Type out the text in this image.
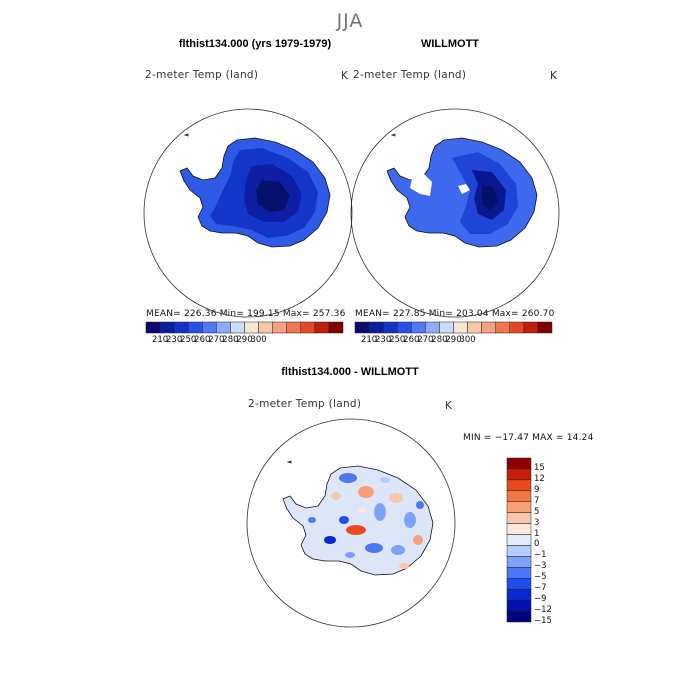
JJA
flthist134.000 (yrs 1979-1979)
2-meter Temp (land)	K
WILLMOTT
2-meter Temp (land)	K
flthist134.000 - WILLMOTT
2-meter Temp (land)	K
MEAN= 226.36 Min= 199.15 Max= 257.36 MEAN= 227.85 Min= 203.04 Max= 260.70
MIN = −17.47 MAX = 14.24
210
230
250
260
270
280
290
300	210
230
250
260
270
280
290
300
15
12
9
7
5
3
1
0
−1
−3
−5
−7
−9
−12
−15
